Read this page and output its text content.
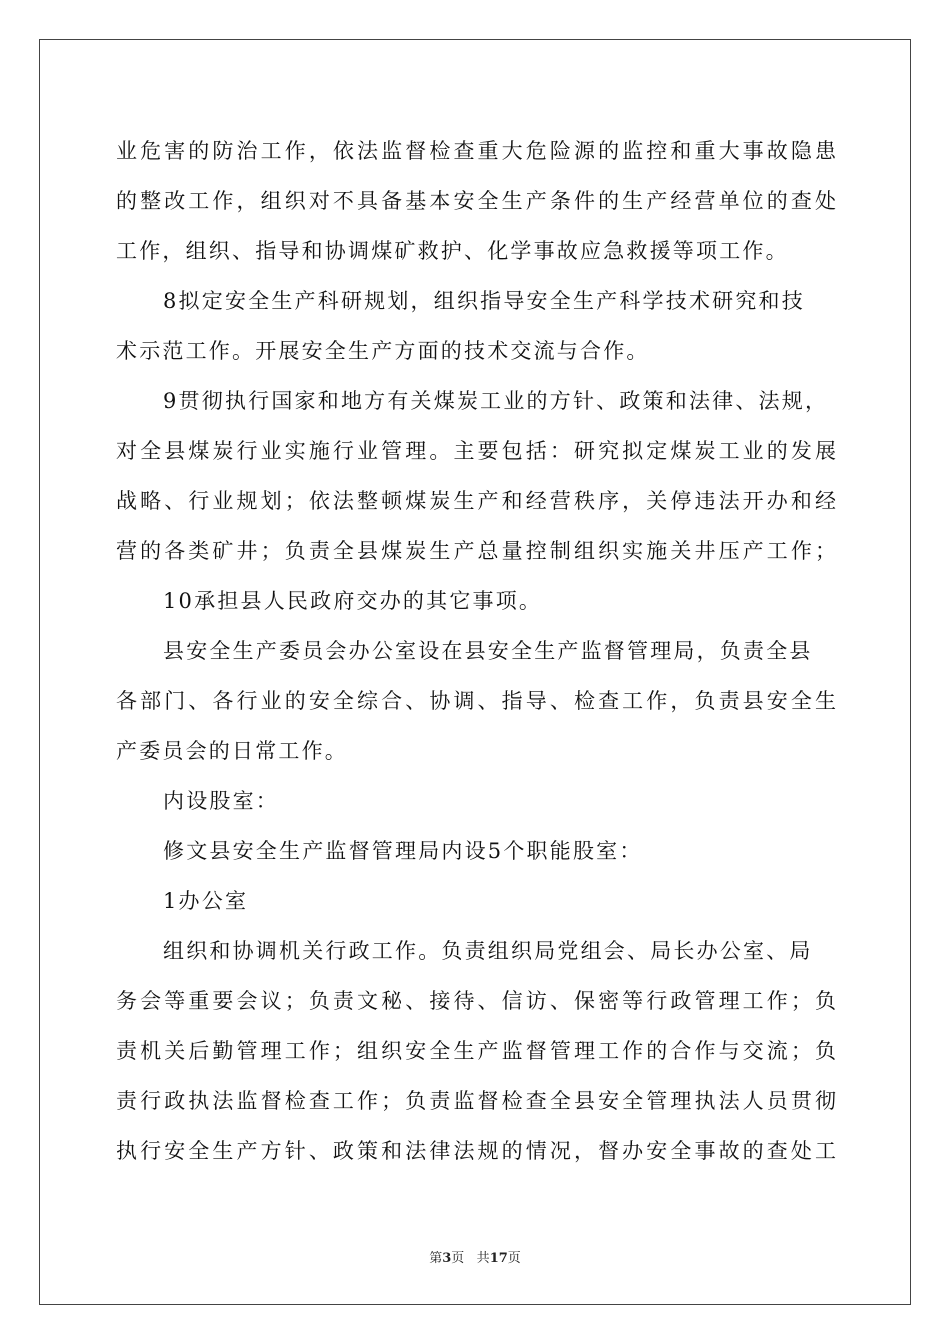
业危害的防治工作，依法监督检查重大危险源的监控和重大事故隐患
的整改工作，组织对不具备基本安全生产条件的生产经营单位的查处
工作，组织、指导和协调煤矿救护、化学事故应急救援等项工作。
8拟定安全生产科研规划，组织指导安全生产科学技术研究和技
术示范工作。开展安全生产方面的技术交流与合作。
9贯彻执行国家和地方有关煤炭工业的方针、政策和法律、法规，
对全县煤炭行业实施行业管理。主要包括：研究拟定煤炭工业的发展
战略、行业规划；依法整顿煤炭生产和经营秩序，关停违法开办和经
营的各类矿井；负责全县煤炭生产总量控制组织实施关井压产工作；
10承担县人民政府交办的其它事项。
县安全生产委员会办公室设在县安全生产监督管理局，负责全县
各部门、各行业的安全综合、协调、指导、检查工作，负责县安全生
产委员会的日常工作。
内设股室：
修文县安全生产监督管理局内设5个职能股室：
1办公室
组织和协调机关行政工作。负责组织局党组会、局长办公室、局
务会等重要会议；负责文秘、接待、信访、保密等行政管理工作；负
责机关后勤管理工作；组织安全生产监督管理工作的合作与交流；负
责行政执法监督检查工作；负责监督检查全县安全管理执法人员贯彻
执行安全生产方针、政策和法律法规的情况，督办安全事故的查处工
第3页 共17页
